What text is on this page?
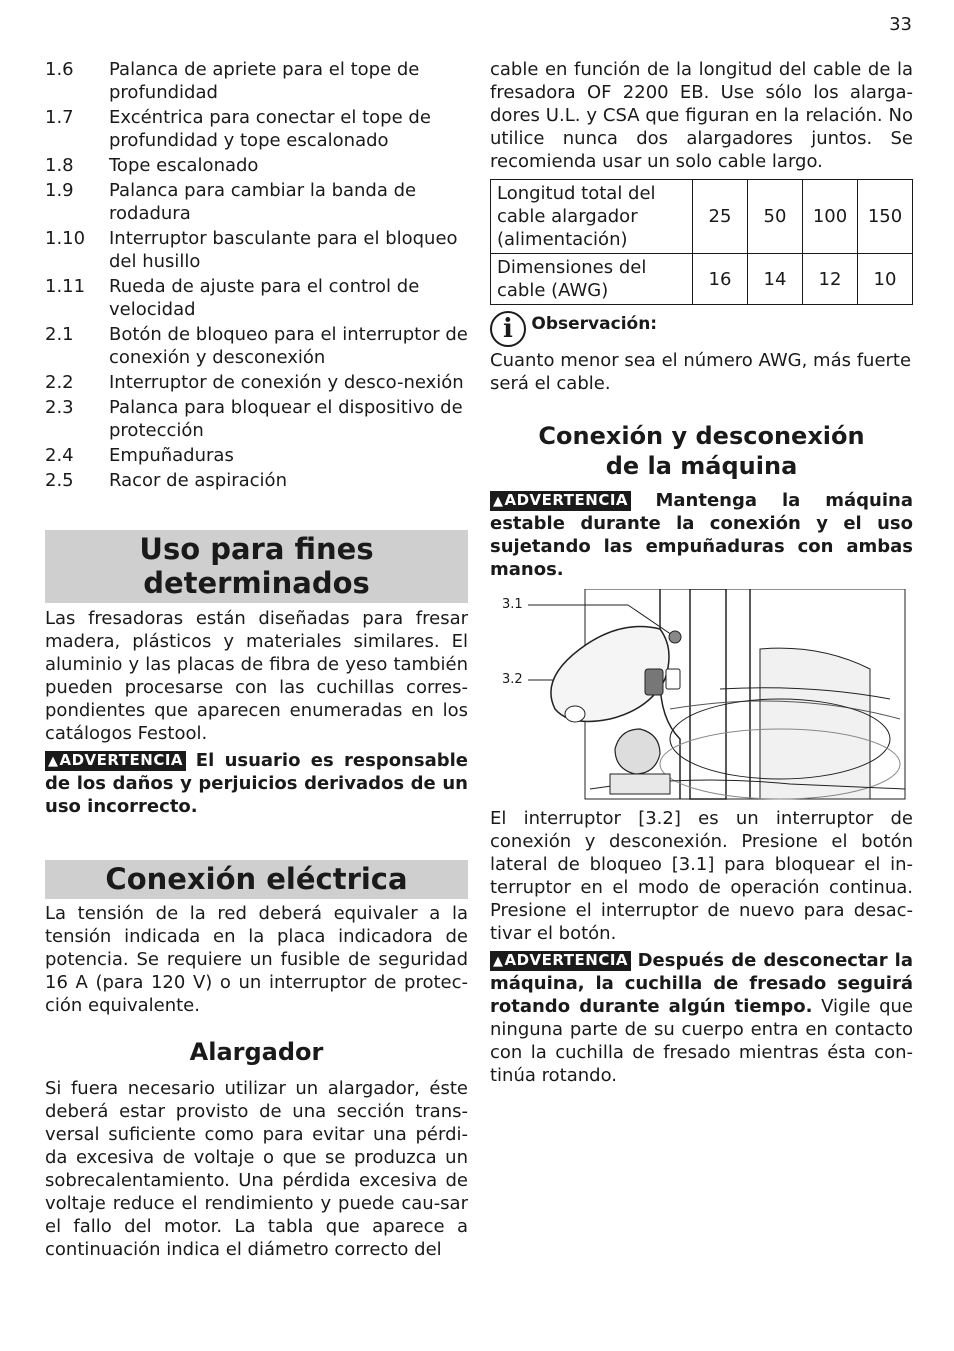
33
1.6	Palanca de apriete para el tope de profundidad
1.7	Excéntrica para conectar el tope de profundidad y tope escalonado
1.8	Tope escalonado
1.9	Palanca para cambiar la banda de rodadura
1.10	Interruptor basculante para el bloqueo del husillo
1.11	Rueda de ajuste para el control de velocidad
2.1	Botón de bloqueo para el interruptor de conexión y desconexión
2.2	Interruptor de conexión y desco-nexión
2.3	Palanca para bloquear el dispositivo de protección
2.4	Empuñaduras
2.5	Racor de aspiración
Uso para fines
determinados

Las fresadoras están diseñadas para fresar madera, plásticos y materiales similares. El aluminio y las placas de fibra de yeso también pueden procesarse con las cuchillas corres-pondientes que aparecen enumeradas en los catálogos Festool.

▲ADVERTENCIA El usuario es responsable de los daños y perjuicios derivados de un uso incorrecto.

Conexión eléctrica

La tensión de la red deberá equivaler a la tensión indicada en la placa indicadora de potencia. Se requiere un fusible de seguridad 16 A (para 120 V) o un interruptor de protec-ción equivalente.

Alargador

Si fuera necesario utilizar un alargador, éste deberá estar provisto de una sección trans-versal suficiente como para evitar una pérdi-da excesiva de voltaje o que se produzca un sobrecalentamiento. Una pérdida excesiva de voltaje reduce el rendimiento y puede cau-sar el fallo del motor. La tabla que aparece a continuación indica el diámetro correcto del

cable en función de la longitud del cable de la fresadora OF 2200 EB. Use sólo los alarga-dores U.L. y CSA que figuran en la relación. No utilice nunca dos alargadores juntos. Se recomienda usar un solo cable largo.

Longitud total del cable alargador (alimentación)	25	50	100	150
Dimensiones del cable (AWG)	16	14	12	10
i Observación:

Cuanto menor sea el número AWG, más fuerte será el cable.

Conexión y desconexión
de la máquina

▲ADVERTENCIA Mantenga la máquina estable durante la conexión y el uso sujetando las empuñaduras con ambas manos.

3.1
3.2

El interruptor [3.2] es un interruptor de conexión y desconexión. Presione el botón lateral de bloqueo [3.1] para bloquear el in-terruptor en el modo de operación continua. Presione el interruptor de nuevo para desac-tivar el botón.

▲ADVERTENCIA Después de desconectar la máquina, la cuchilla de fresado seguirá rotando durante algún tiempo. Vigile que ninguna parte de su cuerpo entra en contacto con la cuchilla de fresado mientras ésta con-tinúa rotando.
